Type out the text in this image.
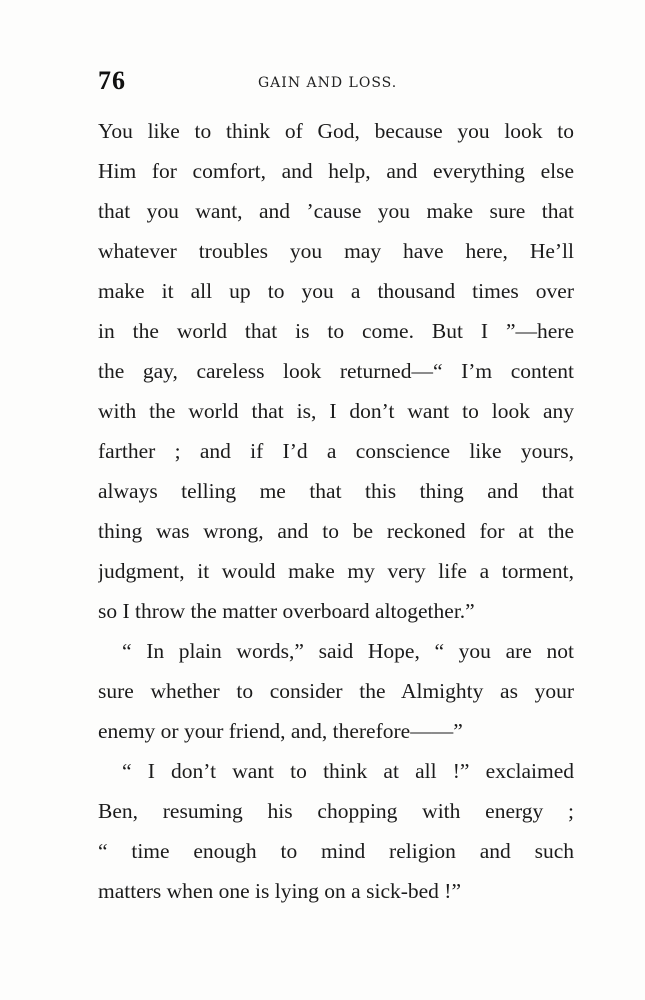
76	GAIN AND LOSS.
You like to think of God, because you look to
Him for comfort, and help, and everything else
that you want, and ’cause you make sure that
whatever troubles you may have here, He’ll
make it all up to you a thousand times over
in the world that is to come. But I ”—here
the gay, careless look returned—“ I’m content
with the world that is, I don’t want to look any
farther ; and if I’d a conscience like yours,
always telling me that this thing and that
thing was wrong, and to be reckoned for at the
judgment, it would make my very life a torment,
so I throw the matter overboard altogether.”
“ In plain words,” said Hope, “ you are not
sure whether to consider the Almighty as your
enemy or your friend, and, therefore——”
“ I don’t want to think at all !” exclaimed
Ben, resuming his chopping with energy ;
“ time enough to mind religion and such
matters when one is lying on a sick-bed !”
